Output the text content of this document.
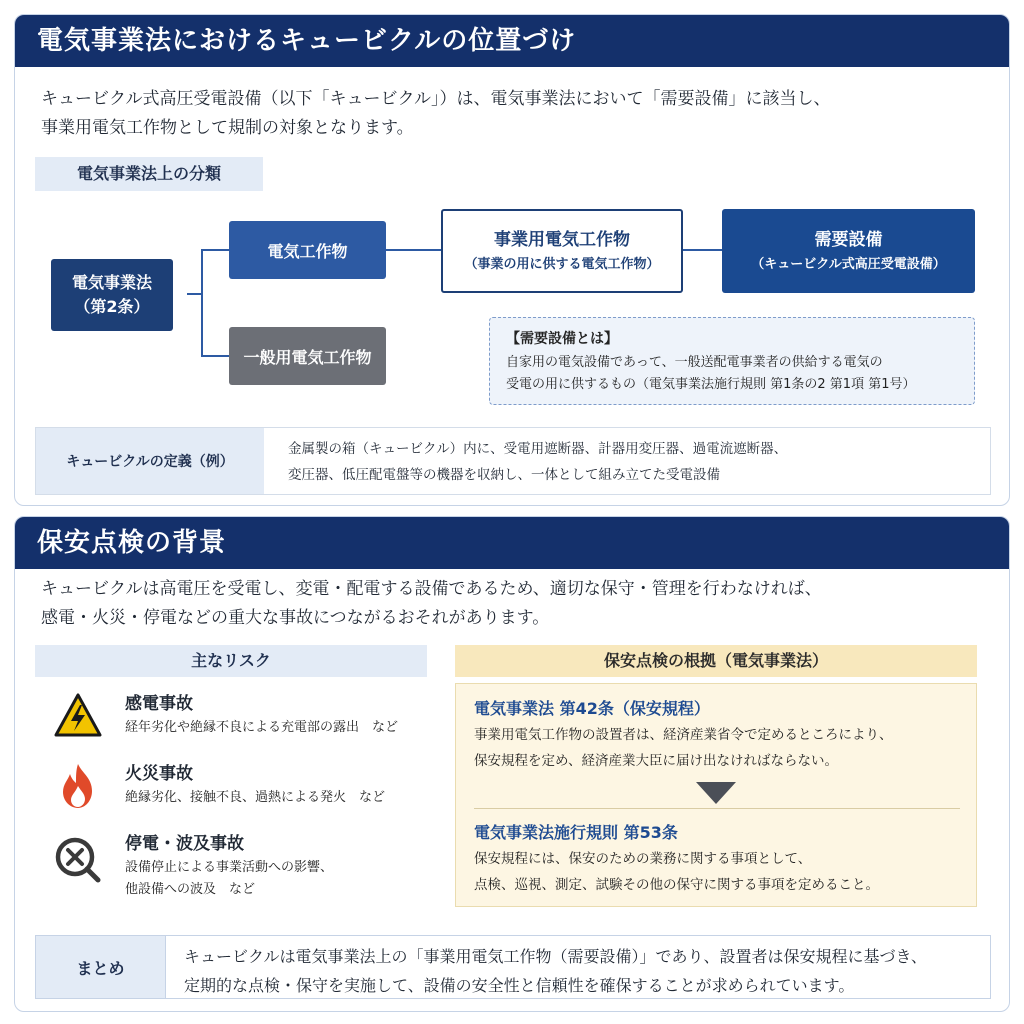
電気事業法におけるキュービクルの位置づけ
キュービクル式高圧受電設備（以下「キュービクル」）は、電気事業法において「需要設備」に該当し、
事業用電気工作物として規制の対象となります。
電気事業法上の分類
電気事業法
（第2条）
電気工作物
一般用電気工作物
事業用電気工作物
（事業の用に供する電気工作物）
需要設備
（キュービクル式高圧受電設備）
【需要設備とは】
自家用の電気設備であって、一般送配電事業者の供給する電気の
受電の用に供するもの（電気事業法施行規則 第1条の2 第1項 第1号）
キュービクルの定義（例）
金属製の箱（キュービクル）内に、受電用遮断器、計器用変圧器、過電流遮断器、
変圧器、低圧配電盤等の機器を収納し、一体として組み立てた受電設備
保安点検の背景
キュービクルは高電圧を受電し、変電・配電する設備であるため、適切な保守・管理を行わなければ、
感電・火災・停電などの重大な事故につながるおそれがあります。
主なリスク
感電事故
経年劣化や絶縁不良による充電部の露出　など
火災事故
絶縁劣化、接触不良、過熱による発火　など
停電・波及事故
設備停止による事業活動への影響、
他設備への波及　など
保安点検の根拠（電気事業法）
電気事業法 第42条（保安規程）
事業用電気工作物の設置者は、経済産業省令で定めるところにより、
保安規程を定め、経済産業大臣に届け出なければならない。
電気事業法施行規則 第53条
保安規程には、保安のための業務に関する事項として、
点検、巡視、測定、試験その他の保守に関する事項を定めること。
まとめ
キュービクルは電気事業法上の「事業用電気工作物（需要設備）」であり、設置者は保安規程に基づき、
定期的な点検・保守を実施して、設備の安全性と信頼性を確保することが求められています。
